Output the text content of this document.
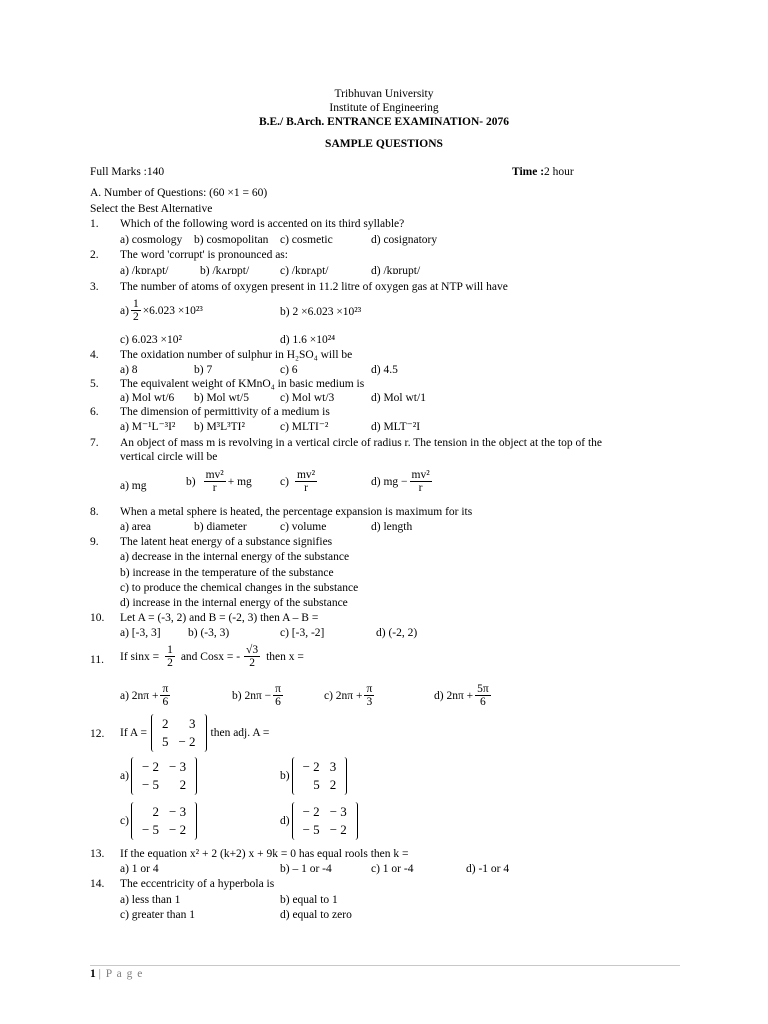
Tribhuvan University
Institute of Engineering
B.E./ B.Arch. ENTRANCE EXAMINATION- 2076
SAMPLE QUESTIONS
Full Marks :140	Time :2 hour
A. Number of Questions: (60 ×1 = 60)
Select the Best Alternative
1. Which of the following word is accented on its third syllable?
a) cosmology b) cosmopolitan c) cosmetic	d) cosignatory
2. The word 'corrupt' is pronounced as:
a) /kɒrʌpt/	b) /kʌrɒpt/	c) /kɒrʌpt/	d) /kɒrupt/
3. The number of atoms of oxygen present in 11.2 litre of oxygen gas at NTP will have
$a) \frac{1}{2} \times 6.023 \times 10^{23}$	b) 2 ×6.023 ×10²³
c) 6.023 ×10²	d) 1.6 ×10²⁴
4. The oxidation number of sulphur in H₂SO₄ will be
a) 8	b) 7	c) 6	d) 4.5
5. The equivalent weight of KMnO₄ in basic medium is
a) Mol wt/6 b) Mol wt/5	c) Mol wt/3	d) Mol wt/1
6. The dimension of permittivity of a medium is
a) M⁻¹L⁻³I² b) M³L³TI²	c) MLTI⁻²	d) MLT⁻²I
7. An object of mass m is revolving in a vertical circle of radius r. The tension in the object at the top of the
vertical circle will be
a) mg	$b) \frac{\text{mv²}}{r}$ + mg $c) \frac{\text{mv²}}{r}$	d) mg − $\frac{\text{mv²}}{r}$
8. When a metal sphere is heated, the percentage expansion is maximum for its
a) area	b) diameter	c) volume	d) length
9. The latent heat energy of a substance signifies
a) decrease in the internal energy of the substance
b) increase in the temperature of the substance
c) to produce the chemical changes in the substance
d) increase in the internal energy of the substance
10. Let A = (-3, 2) and B = (-2, 3) then A – B =
a) [-3, 3] b) (-3, 3)	c) [-3, -2]	d) (-2, 2)
11. If $\sin x = \frac{1}{2}$ and Cosx = - $\frac{√3}{2}$ then x =
a) $2n\pi + \frac{\pi}{6}$	b) $2n\pi - \frac{\pi}{6}$	c) $2n\pi + \frac{\pi}{3}$	d) $2n\pi + \frac{5\pi}{6}$
12. If A =
2	3
5	− 2
then adj. A =
a)
− 2	− 3
− 5	2
b)
− 2	3
5	2
c)
2	− 3
− 5	− 2
d)
− 2	− 3
− 5	− 2
13. If the equation x² + 2 (k+2) x + 9k = 0 has equal rools then k =
a) 1 or 4	b) – 1 or -4	c) 1 or -4	d) -1 or 4
14. The eccentricity of a hyperbola is
a) less than 1	b) equal to 1
c) greater than 1	d) equal to zero
1 | P a g e
